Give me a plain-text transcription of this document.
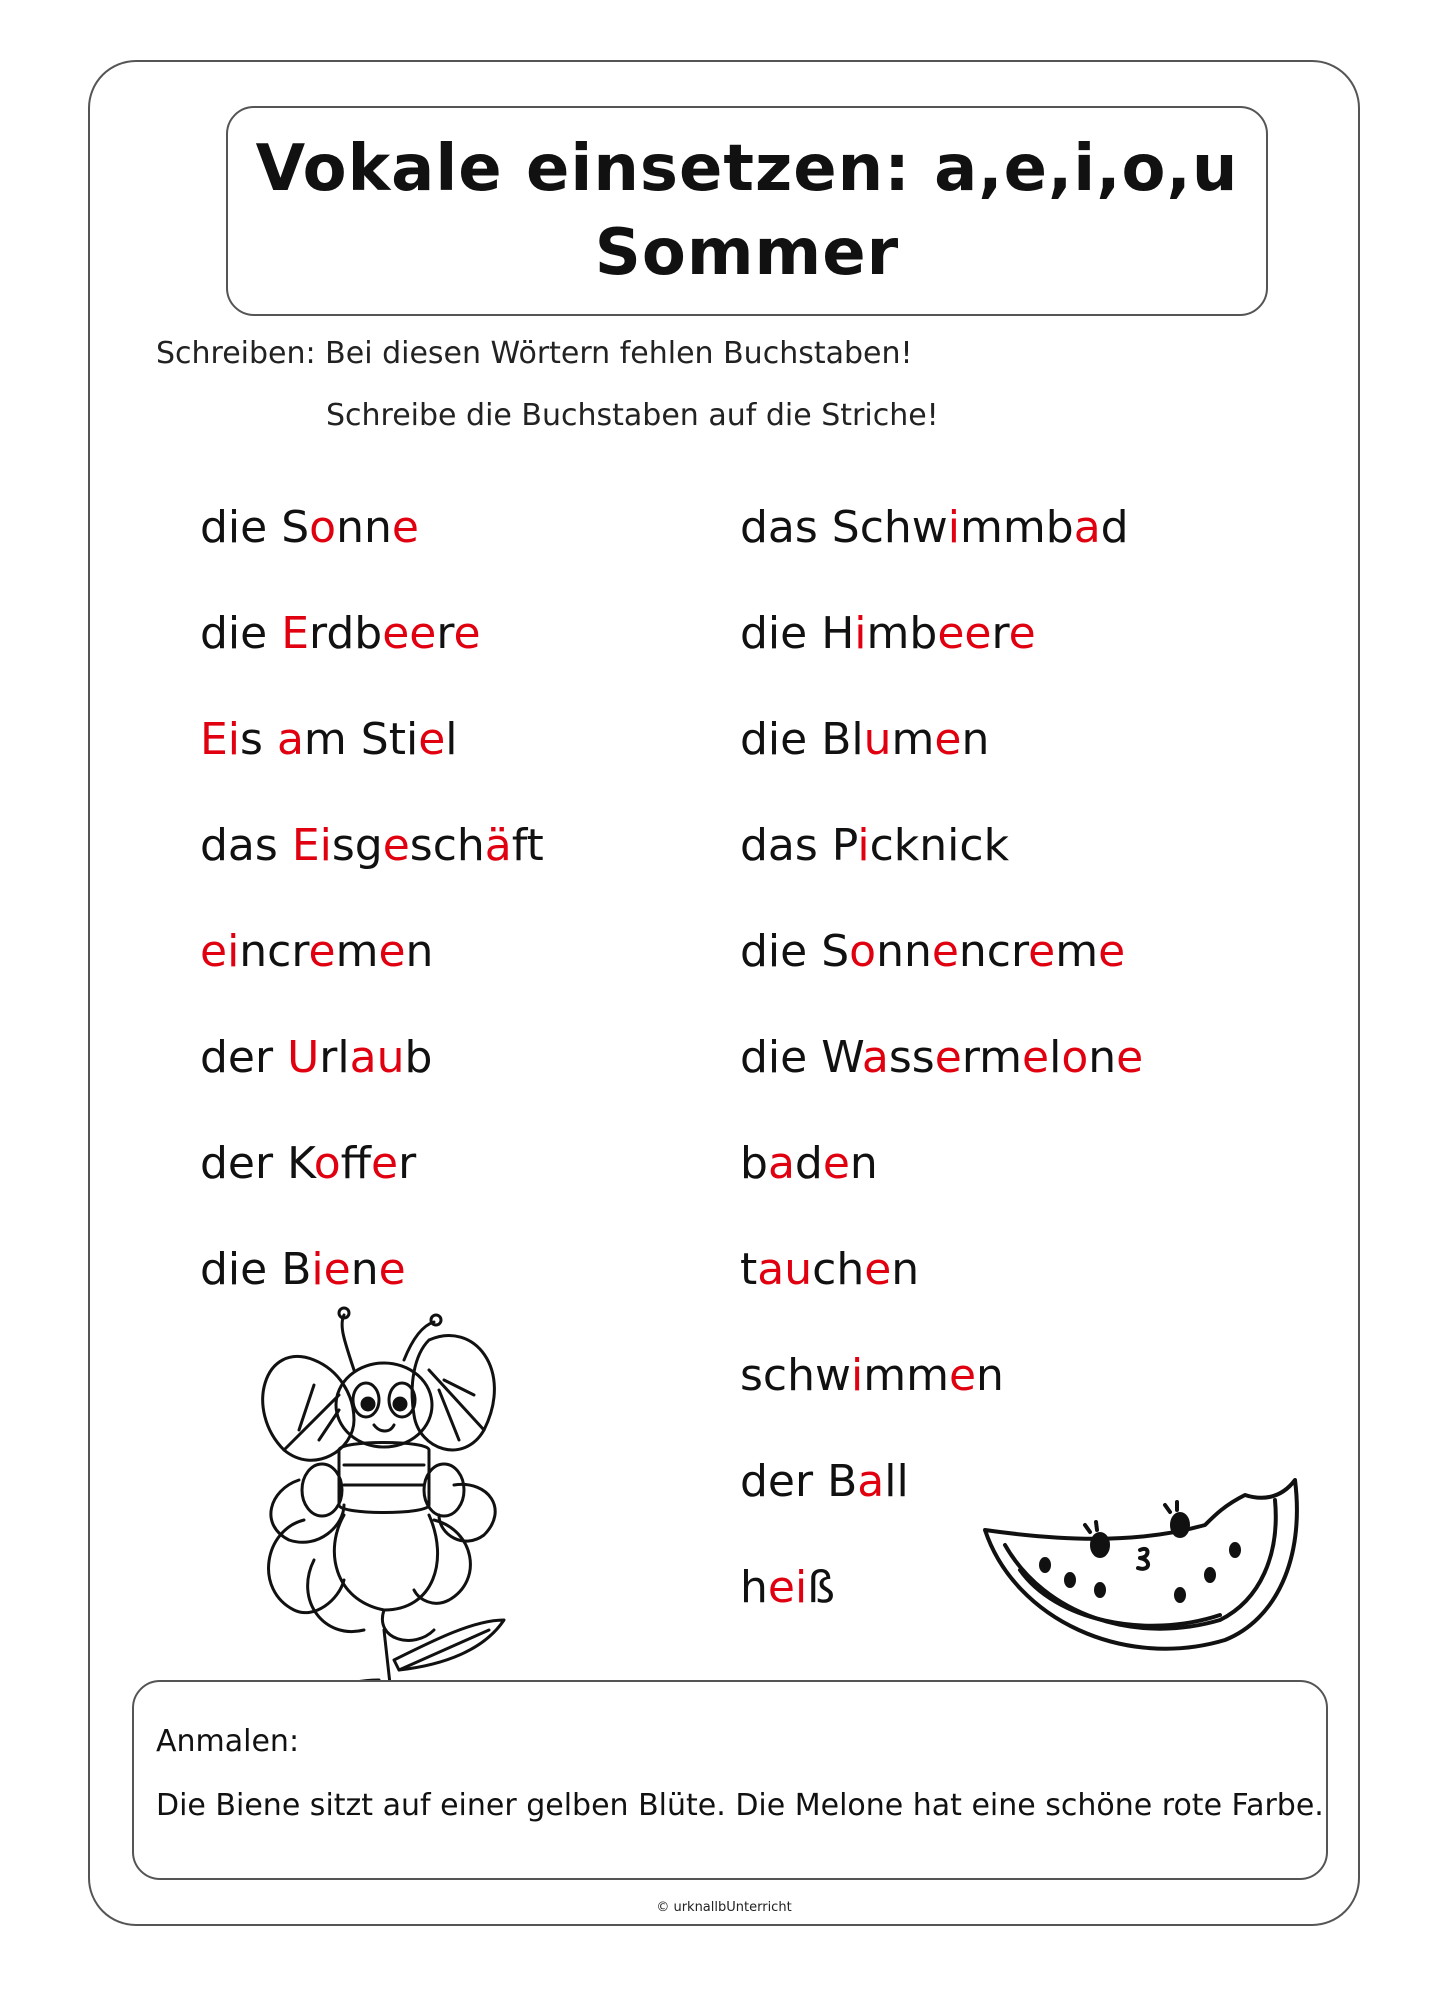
Vokale einsetzen: a,e,i,o,u
Sommer
Schreiben: Bei diesen Wörtern fehlen Buchstaben!
Schreibe die Buchstaben auf die Striche!
die Sonne
die Erdbeere
Eis am Stiel
das Eisgeschäft
eincremen
der Urlaub
der Koffer
die Biene
das Schwimmbad
die Himbeere
die Blumen
das Picknick
die Sonnencreme
die Wassermelone
baden
tauchen
schwimmen
der Ball
heiß
Anmalen:
Die Biene sitzt auf einer gelben Blüte. Die Melone hat eine schöne rote Farbe.
© urknallbUnterricht
